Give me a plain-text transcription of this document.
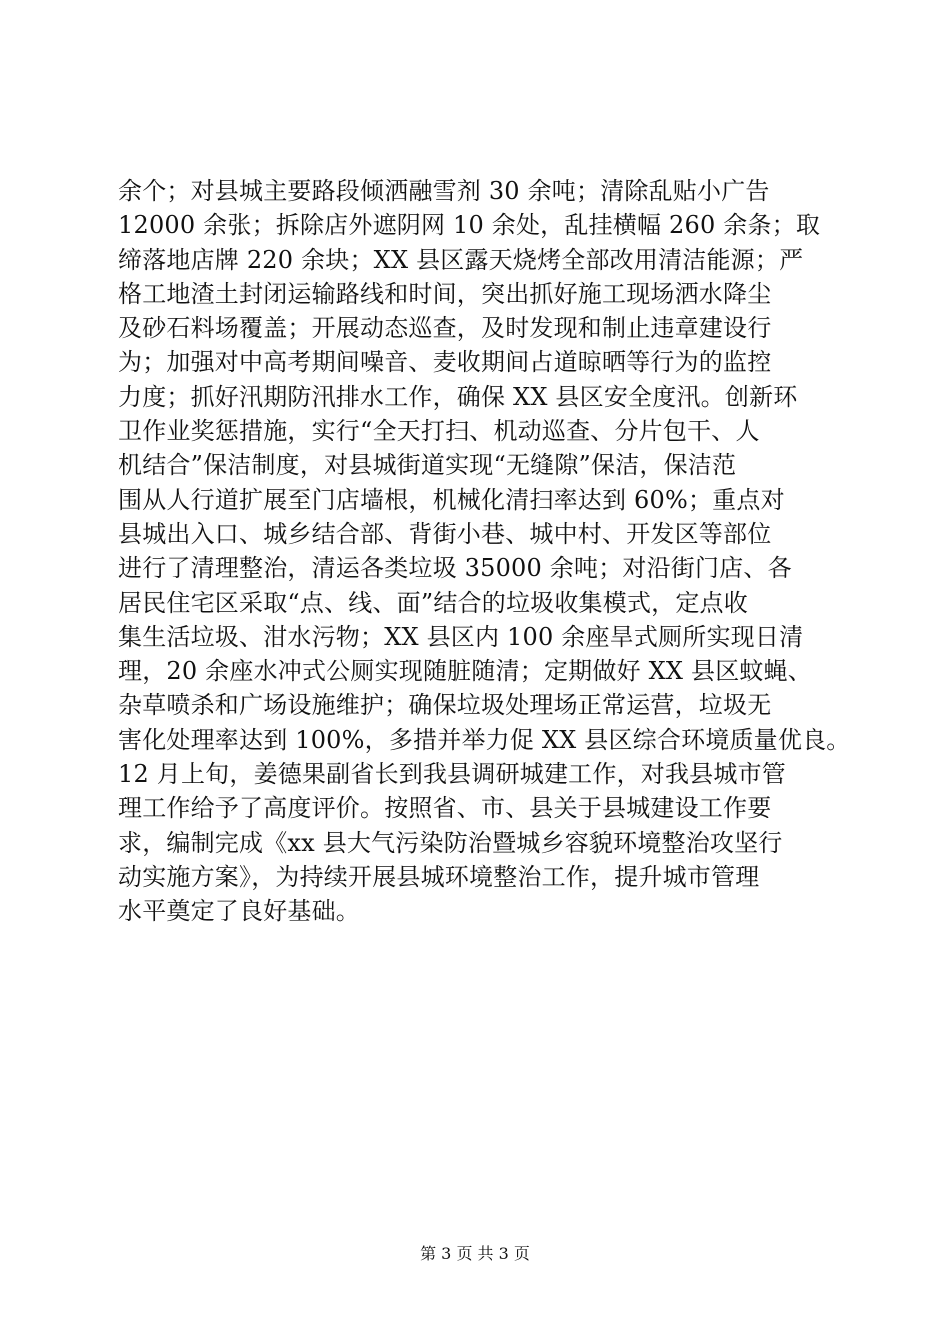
余个；对县城主要路段倾洒融雪剂 30 余吨；清除乱贴小广告
12000 余张；拆除店外遮阴网 10 余处，乱挂横幅 260 余条；取
缔落地店牌 220 余块；XX 县区露天烧烤全部改用清洁能源；严
格工地渣土封闭运输路线和时间，突出抓好施工现场洒水降尘
及砂石料场覆盖；开展动态巡查，及时发现和制止违章建设行
为；加强对中高考期间噪音、麦收期间占道晾晒等行为的监控
力度；抓好汛期防汛排水工作，确保 XX 县区安全度汛。创新环
卫作业奖惩措施，实行“全天打扫、机动巡查、分片包干、人
机结合”保洁制度，对县城街道实现“无缝隙”保洁，保洁范
围从人行道扩展至门店墙根，机械化清扫率达到 60%；重点对
县城出入口、城乡结合部、背街小巷、城中村、开发区等部位
进行了清理整治，清运各类垃圾 35000 余吨；对沿街门店、各
居民住宅区采取“点、线、面”结合的垃圾收集模式，定点收
集生活垃圾、泔水污物；XX 县区内 100 余座旱式厕所实现日清
理，20 余座水冲式公厕实现随脏随清；定期做好 XX 县区蚊蝇、
杂草喷杀和广场设施维护；确保垃圾处理场正常运营，垃圾无
害化处理率达到 100%，多措并举力促 XX 县区综合环境质量优良。
12 月上旬，姜德果副省长到我县调研城建工作，对我县城市管
理工作给予了高度评价。按照省、市、县关于县城建设工作要
求，编制完成《xx 县大气污染防治暨城乡容貌环境整治攻坚行
动实施方案》，为持续开展县城环境整治工作，提升城市管理
水平奠定了良好基础。
第 3 页 共 3 页
